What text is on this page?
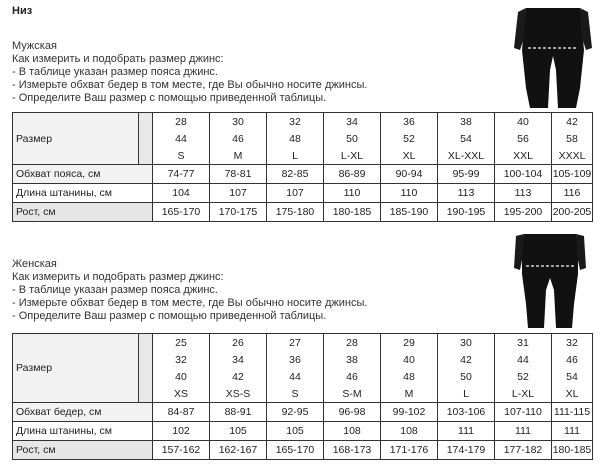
Низ
Мужская
Как измерить и подобрать размер джинс:
- В таблице указан размер пояса джинс.
- Измерьте обхват бедер в том месте, где Вы обычно носите джинсы.
- Определите Ваш размер с помощью приведенной таблицы.
Размер		28	30	32	34	36	38	40	42
		44	46	48	50	52	54	56	58
		S	M	L	L-XL	XL	XL-XXL	XXL	XXXL
Обхват пояса, см		74-77	78-81	82-85	86-89	90-94	95-99	100-104	105-109
Длина штанины, см		104	107	107	110	110	113	113	116
Рост, см		165-170	170-175	175-180	180-185	185-190	190-195	195-200	200-205
Женская
Как измерить и подобрать размер джинс:
- В таблице указан размер пояса джинс.
- Измерьте обхват бедер в том месте, где Вы обычно носите джинсы.
- Определите Ваш размер с помощью приведенной таблицы.
Размер		25	26	27	28	29	30	31	32
		32	34	36	38	40	42	44	46
		40	42	44	46	48	50	52	54
		XS	XS-S	S	S-M	M	L	L-XL	XL
Обхват бедер, см		84-87	88-91	92-95	96-98	99-102	103-106	107-110	111-115
Длина штанины, см		102	105	105	108	108	111	111	111
Рост, см		157-162	162-167	165-170	168-173	171-176	174-179	177-182	180-185
